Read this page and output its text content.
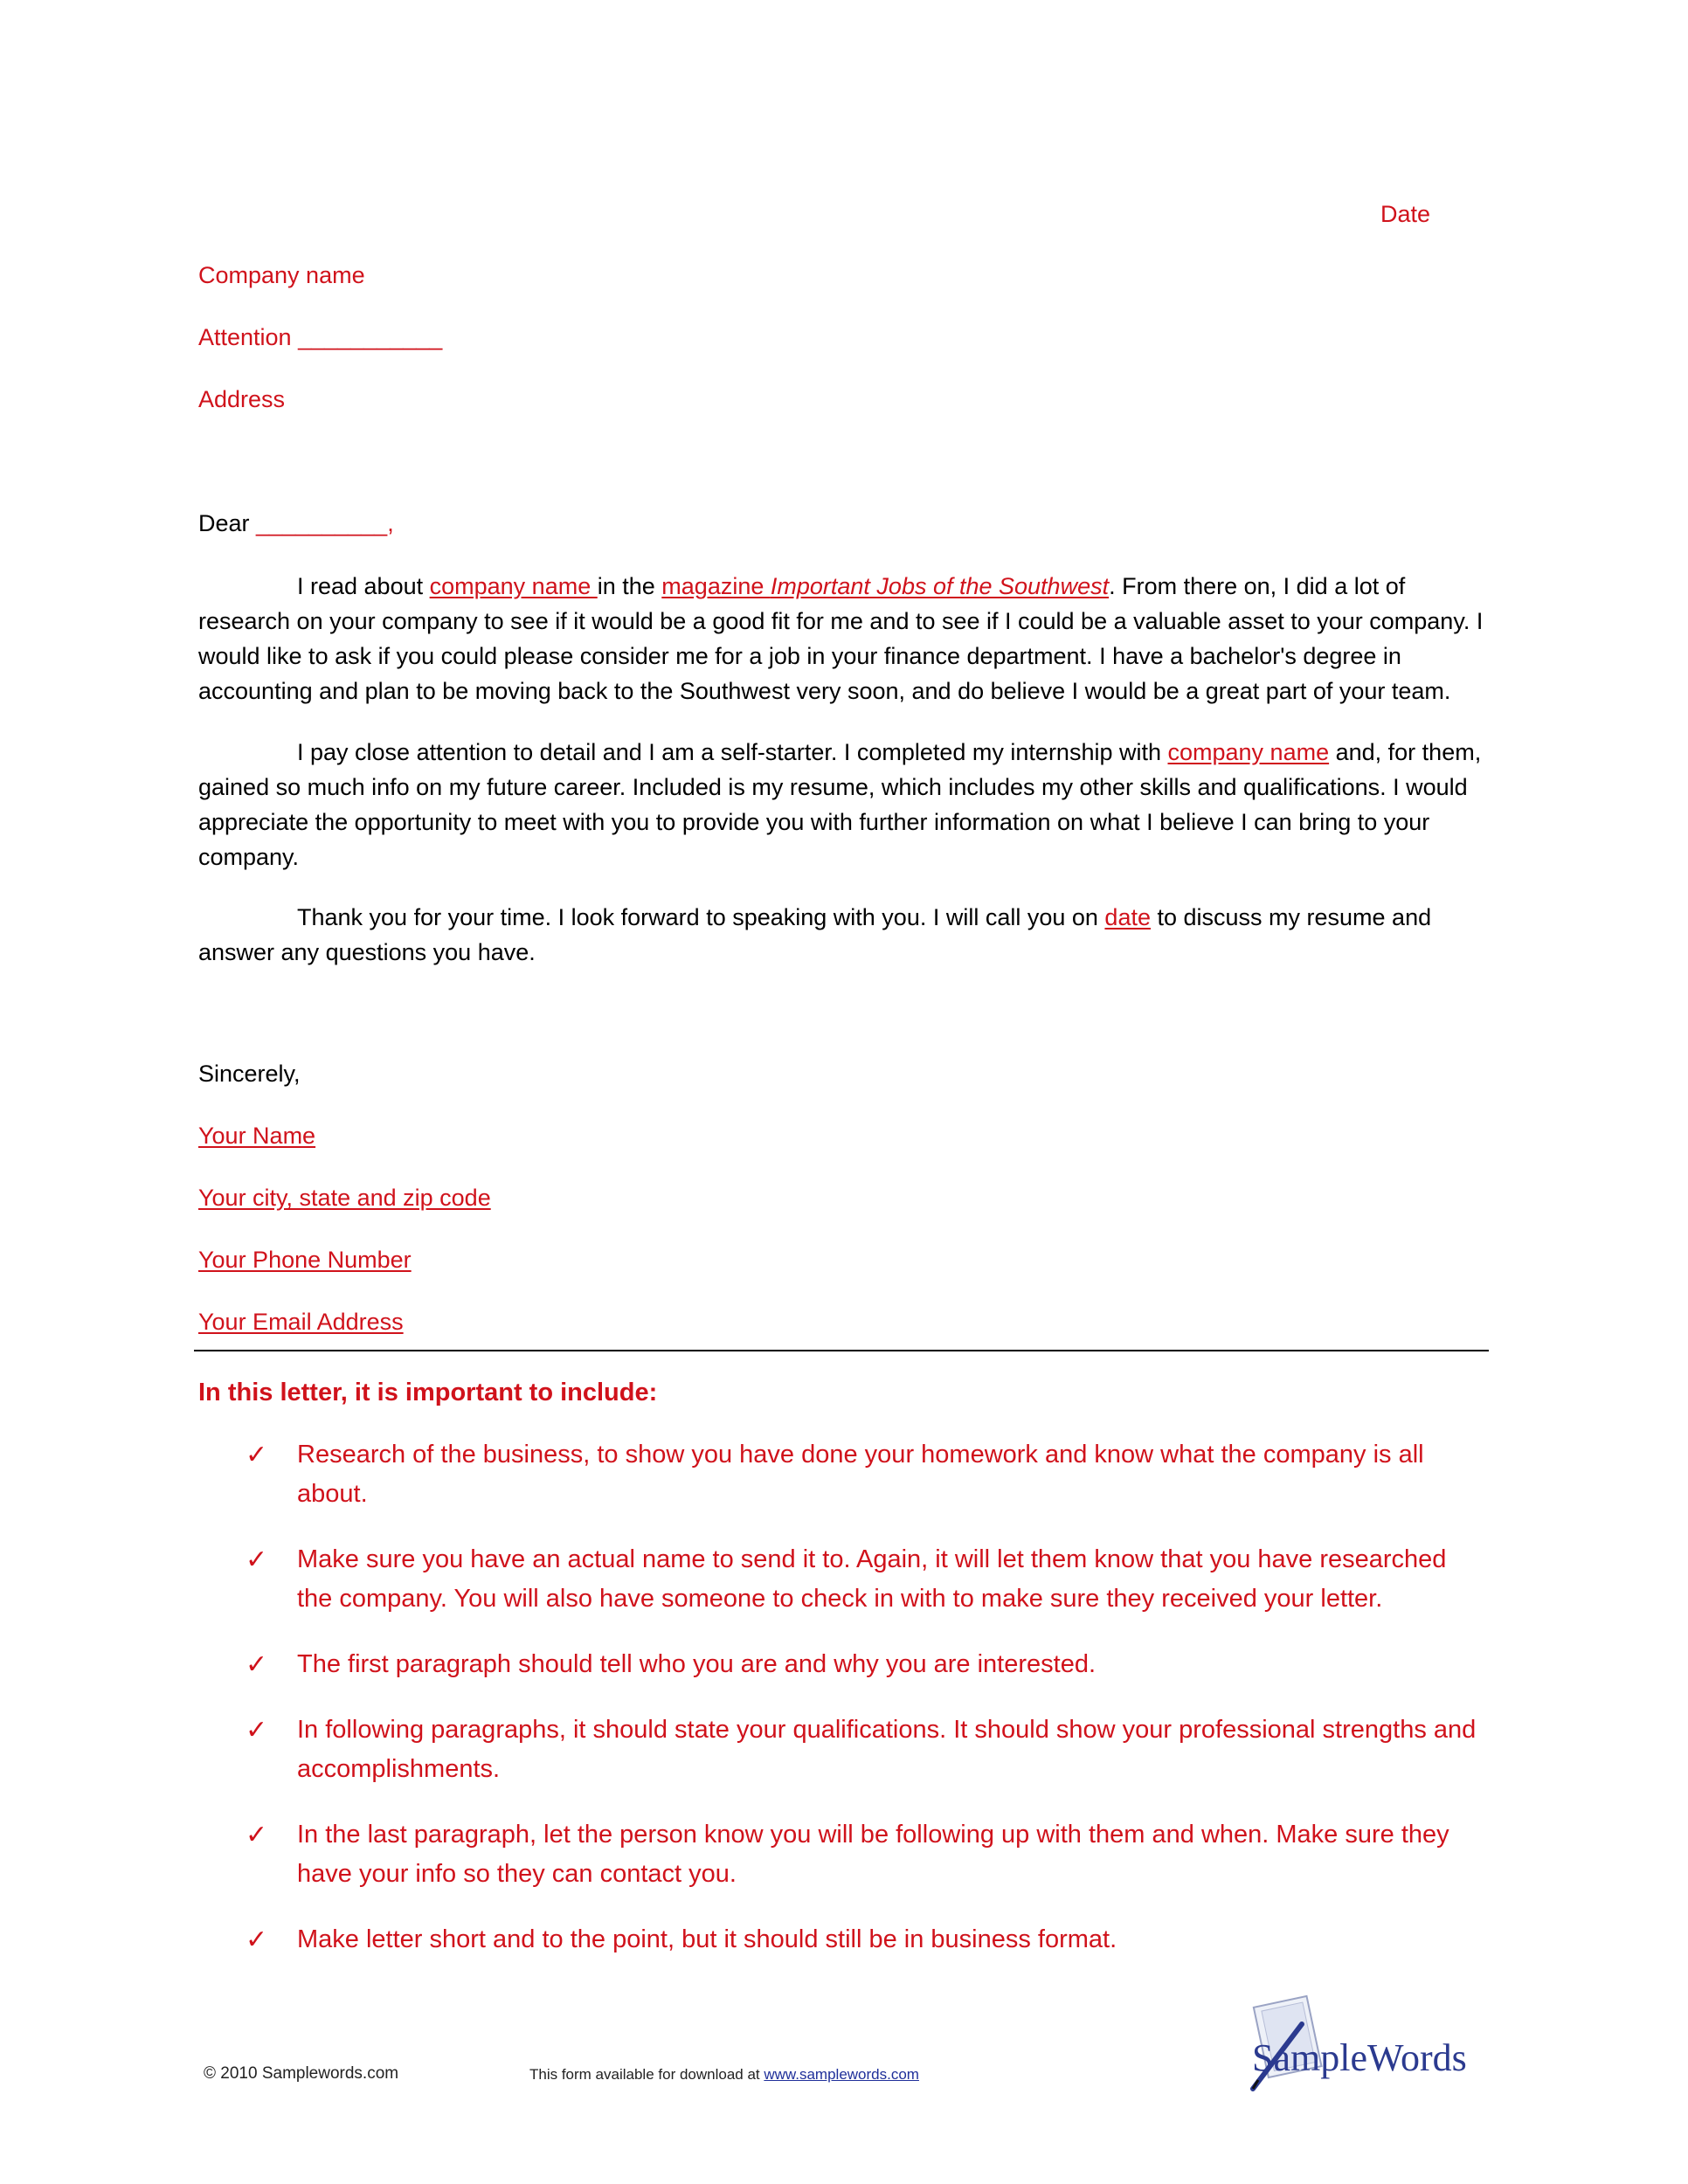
Date
Company name
Attention ___________
Address
Dear __________,
I read about company name in the magazine Important Jobs of the Southwest. From there on, I did a lot of research on your company to see if it would be a good fit for me and to see if I could be a valuable asset to your company. I would like to ask if you could please consider me for a job in your finance department. I have a bachelor's degree in accounting and plan to be moving back to the Southwest very soon, and do believe I would be a great part of your team.
I pay close attention to detail and I am a self-starter. I completed my internship with company name and, for them, gained so much info on my future career. Included is my resume, which includes my other skills and qualifications. I would appreciate the opportunity to meet with you to provide you with further information on what I believe I can bring to your company.
Thank you for your time. I look forward to speaking with you. I will call you on date to discuss my resume and answer any questions you have.
Sincerely,
Your Name
Your city, state and zip code
Your Phone Number
Your Email Address
In this letter, it is important to include:
✓ Research of the business, to show you have done your homework and know what the company is all about.
✓ Make sure you have an actual name to send it to. Again, it will let them know that you have researched the company. You will also have someone to check in with to make sure they received your letter.
✓ The first paragraph should tell who you are and why you are interested.
✓ In following paragraphs, it should state your qualifications. It should show your professional strengths and accomplishments.
✓ In the last paragraph, let the person know you will be following up with them and when. Make sure they have your info so they can contact you.
✓ Make letter short and to the point, but it should still be in business format.
© 2010 Samplewords.com	This form available for download at www.samplewords.com	SampleWords
